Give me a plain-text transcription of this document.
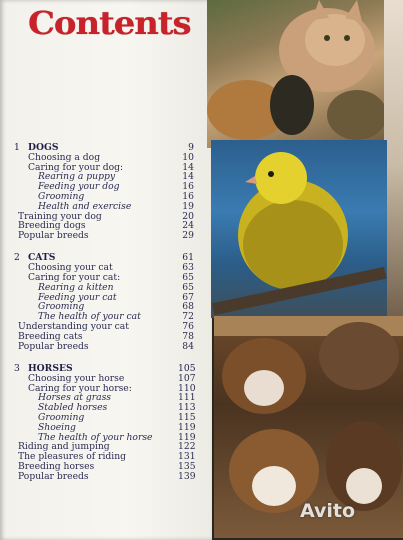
Contents
1 DOGS	9
Choosing a dog	10
Caring for your dog:	14
Rearing a puppy	14
Feeding your dog	16
Grooming	16
Health and exercise	19
Training your dog	20
Breeding dogs	24
Popular breeds	29
2 CATS	61
Choosing your cat	63
Caring for your cat:	65
Rearing a kitten	65
Feeding your cat	67
Grooming	68
The health of your cat	72
Understanding your cat	76
Breeding cats	78
Popular breeds	84
3 HORSES	105
Choosing your horse	107
Caring for your horse:	110
Horses at grass	111
Stabled horses	113
Grooming	115
Shoeing	119
The health of your horse	119
Riding and jumping	122
The pleasures of riding	131
Breeding horses	135
Popular breeds	139
Avito
